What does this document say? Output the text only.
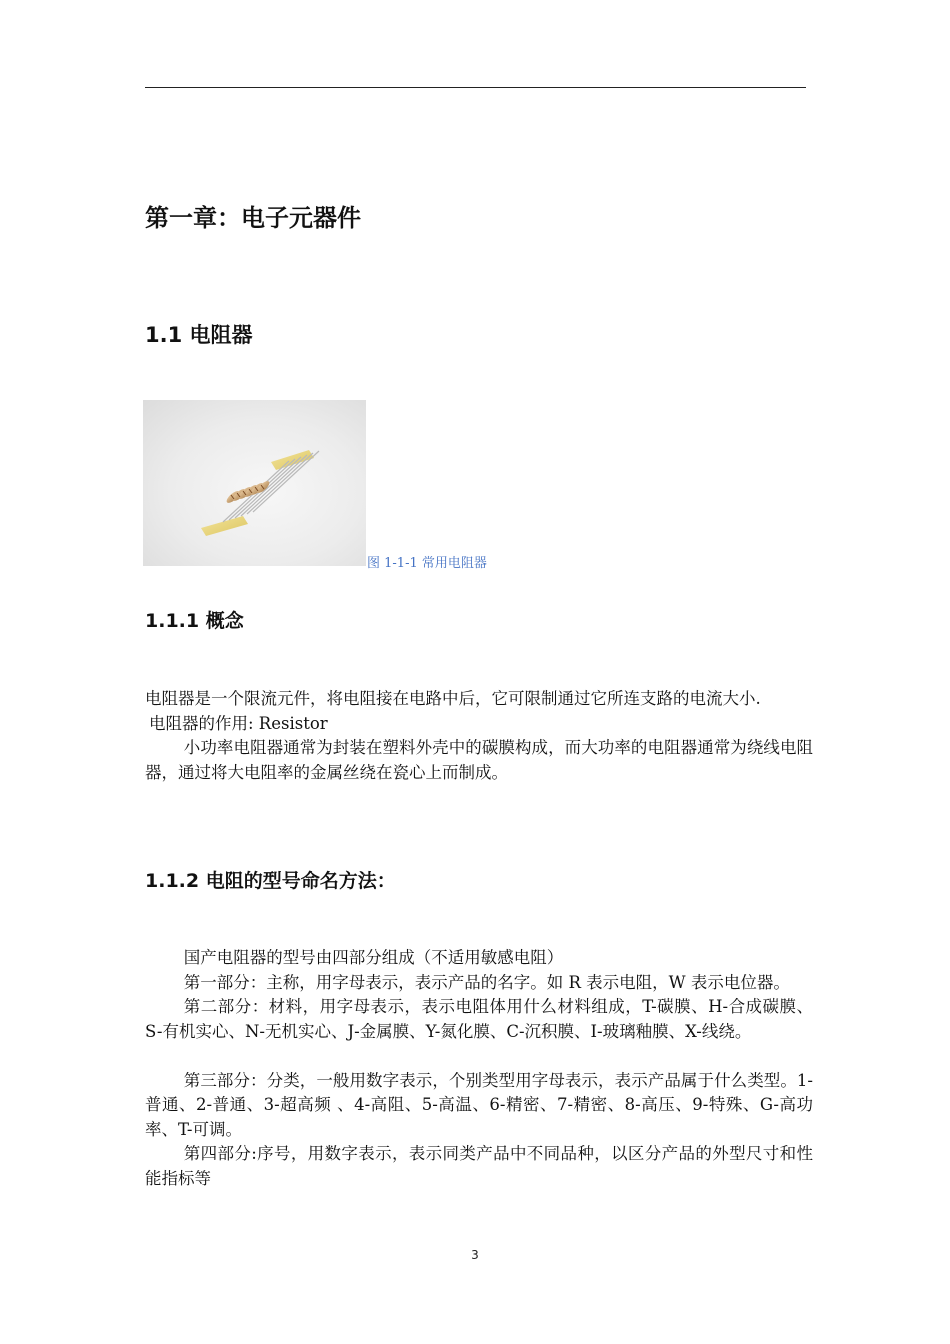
第一章：电子元器件
1.1 电阻器
图 1-1-1 常用电阻器
1.1.1 概念

电阻器是一个限流元件，将电阻接在电路中后，它可限制通过它所连支路的电流大小.

电阻器的作用: Resistor

小功率电阻器通常为封装在塑料外壳中的碳膜构成，而大功率的电阻器通常为绕线电阻器，通过将大电阻率的金属丝绕在瓷心上而制成。

1.1.2 电阻的型号命名方法：

国产电阻器的型号由四部分组成（不适用敏感电阻）

第一部分：主称，用字母表示，表示产品的名字。如 R 表示电阻，W 表示电位器。

第二部分：材料，用字母表示，表示电阻体用什么材料组成，T-碳膜、H-合成碳膜、S-有机实心、N-无机实心、J-金属膜、Y-氮化膜、C-沉积膜、I-玻璃釉膜、X-线绕。

第三部分：分类，一般用数字表示，个别类型用字母表示，表示产品属于什么类型。1-普通、2-普通、3-超高频 、4-高阻、5-高温、6-精密、7-精密、8-高压、9-特殊、G-高功率、T-可调。

第四部分:序号，用数字表示，表示同类产品中不同品种，以区分产品的外型尺寸和性能指标等

3
